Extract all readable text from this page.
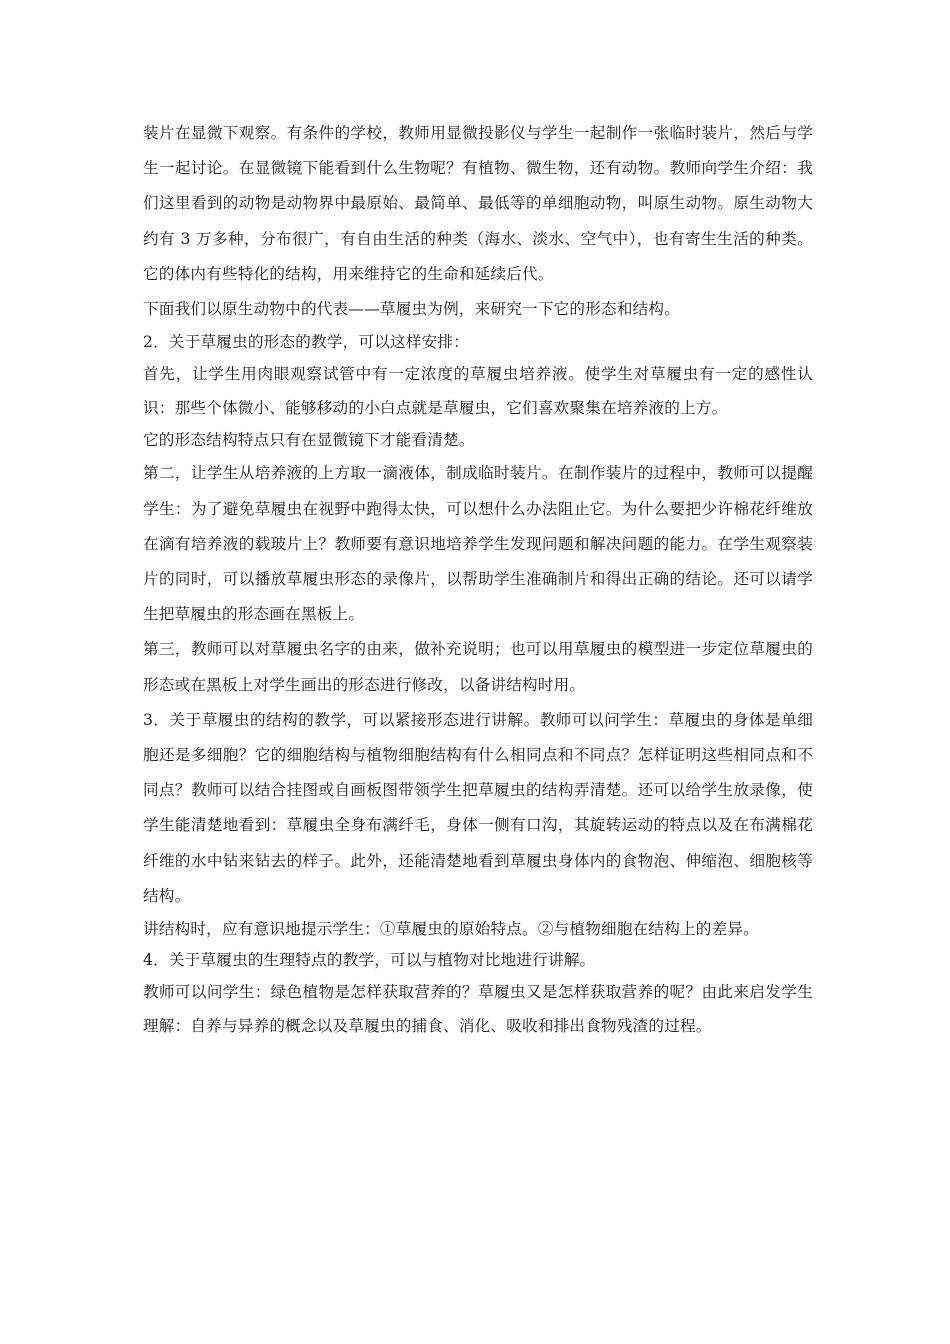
装片在显微下观察。有条件的学校，教师用显微投影仪与学生一起制作一张临时装片，然后与学生一起讨论。在显微镜下能看到什么生物呢？有植物、微生物，还有动物。教师向学生介绍：我们这里看到的动物是动物界中最原始、最简单、最低等的单细胞动物，叫原生动物。原生动物大约有 3 万多种，分布很广，有自由生活的种类（海水、淡水、空气中），也有寄生生活的种类。它的体内有些特化的结构，用来维持它的生命和延续后代。

下面我们以原生动物中的代表——草履虫为例，来研究一下它的形态和结构。

2．关于草履虫的形态的教学，可以这样安排：

首先，让学生用肉眼观察试管中有一定浓度的草履虫培养液。使学生对草履虫有一定的感性认识：那些个体微小、能够移动的小白点就是草履虫，它们喜欢聚集在培养液的上方。

它的形态结构特点只有在显微镜下才能看清楚。

第二，让学生从培养液的上方取一滴液体，制成临时装片。在制作装片的过程中，教师可以提醒学生：为了避免草履虫在视野中跑得太快，可以想什么办法阻止它。为什么要把少许棉花纤维放在滴有培养液的载玻片上？教师要有意识地培养学生发现问题和解决问题的能力。在学生观察装片的同时，可以播放草履虫形态的录像片，以帮助学生准确制片和得出正确的结论。还可以请学生把草履虫的形态画在黑板上。

第三，教师可以对草履虫名字的由来，做补充说明；也可以用草履虫的模型进一步定位草履虫的形态或在黑板上对学生画出的形态进行修改，以备讲结构时用。

3．关于草履虫的结构的教学，可以紧接形态进行讲解。教师可以问学生：草履虫的身体是单细胞还是多细胞？它的细胞结构与植物细胞结构有什么相同点和不同点？怎样证明这些相同点和不同点？教师可以结合挂图或自画板图带领学生把草履虫的结构弄清楚。还可以给学生放录像，使学生能清楚地看到：草履虫全身布满纤毛，身体一侧有口沟，其旋转运动的特点以及在布满棉花纤维的水中钻来钻去的样子。此外，还能清楚地看到草履虫身体内的食物泡、伸缩泡、细胞核等结构。

讲结构时，应有意识地提示学生：①草履虫的原始特点。②与植物细胞在结构上的差异。

4．关于草履虫的生理特点的教学，可以与植物对比地进行讲解。

教师可以问学生：绿色植物是怎样获取营养的？草履虫又是怎样获取营养的呢？由此来启发学生理解：自养与异养的概念以及草履虫的捕食、消化、吸收和排出食物残渣的过程。
